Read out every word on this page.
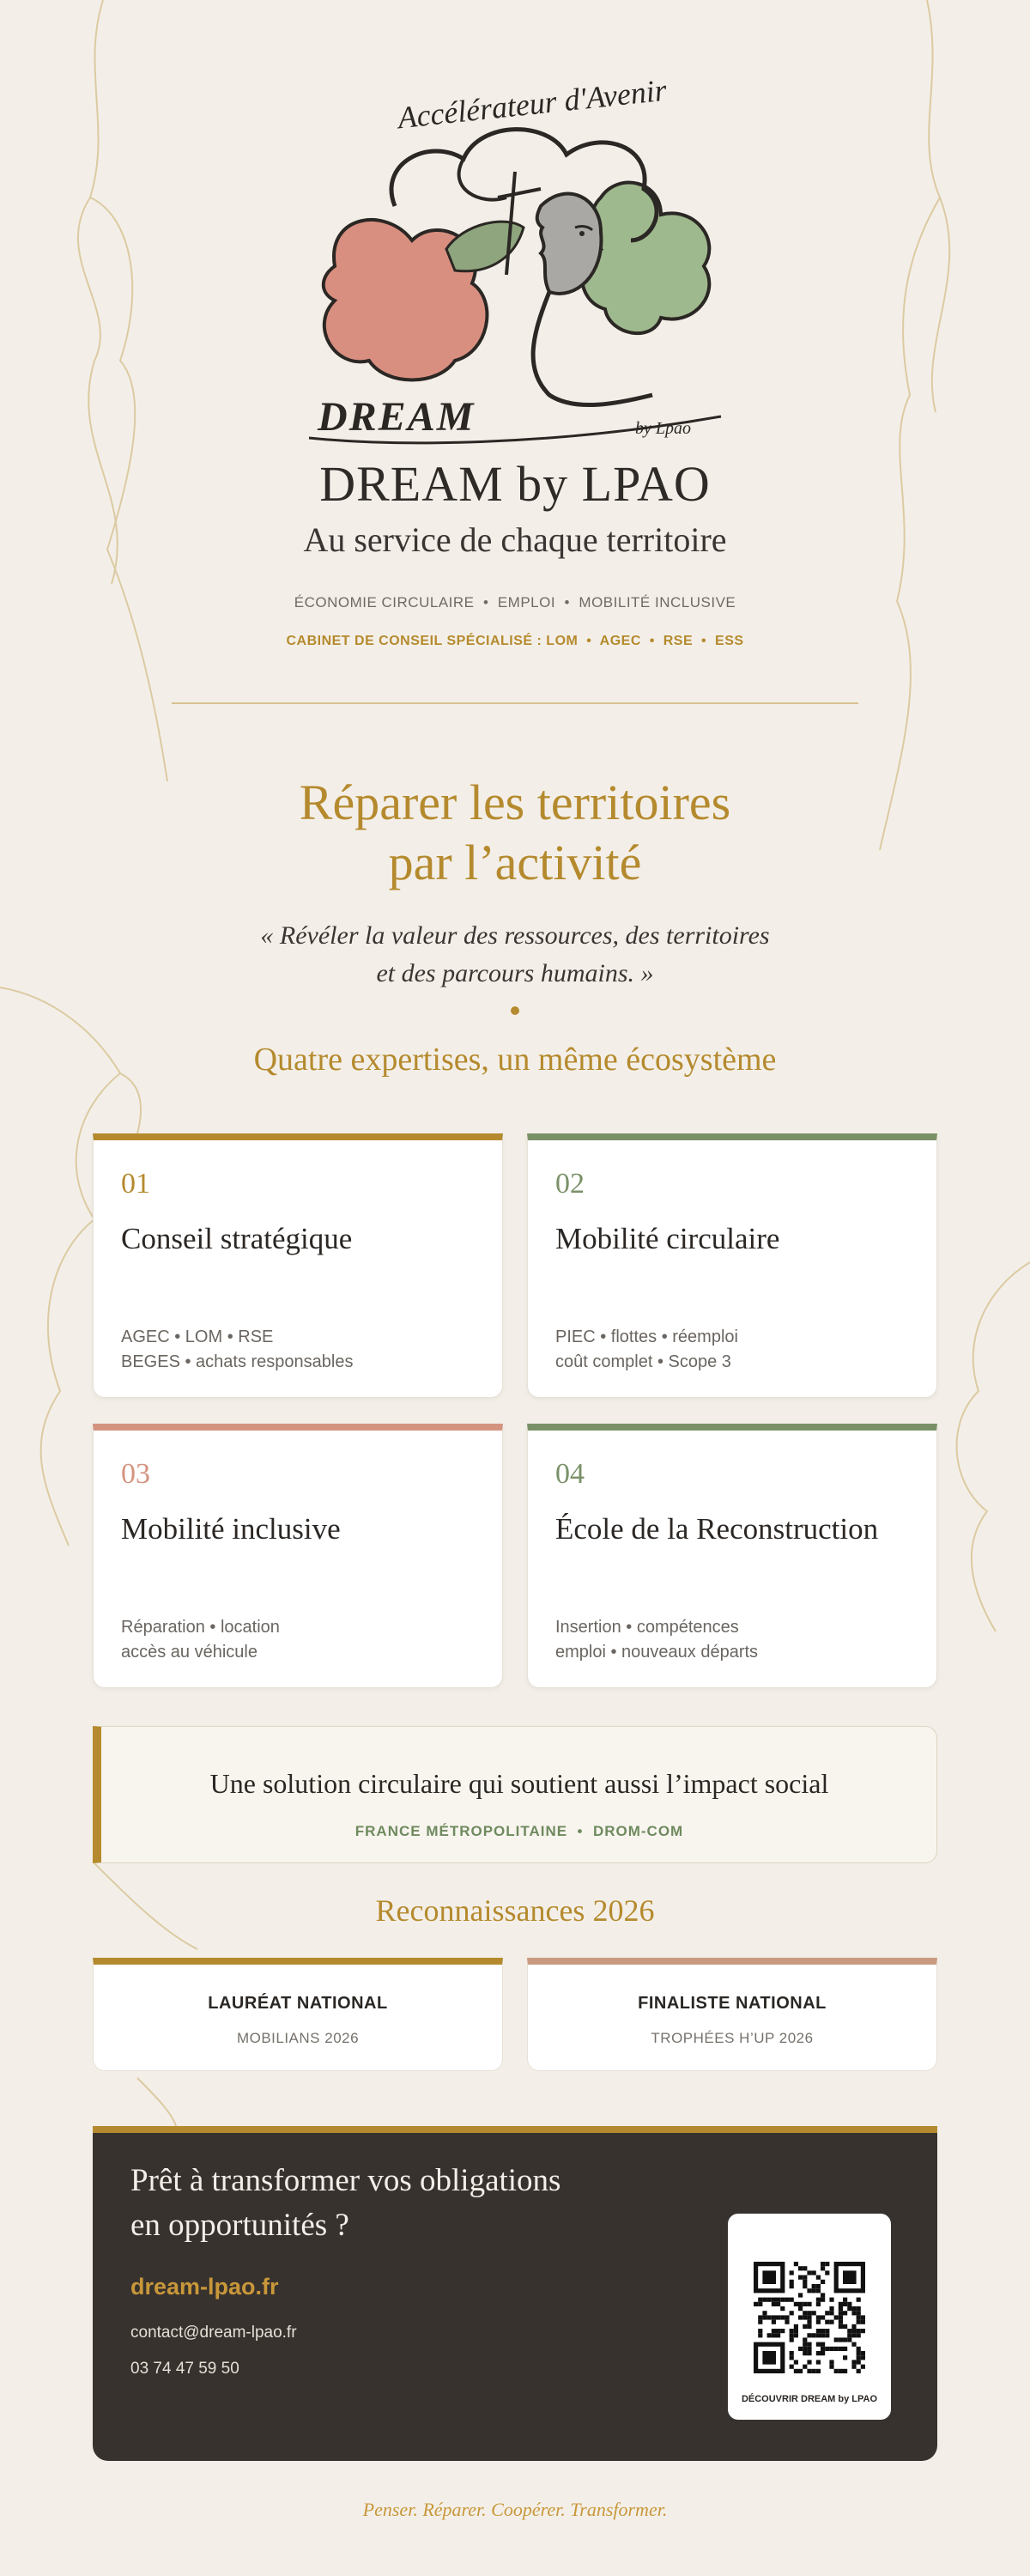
Accélérateur d'Avenir
DREAM	by Lpao
DREAM by LPAO
Au service de chaque territoire
ÉCONOMIE CIRCULAIRE  •  EMPLOI  •  MOBILITÉ INCLUSIVE
CABINET DE CONSEIL SPÉCIALISÉ : LOM  •  AGEC  •  RSE  •  ESS
Réparer les territoires
par l’activité
« Révéler la valeur des ressources, des territoires
et des parcours humains. »
Quatre expertises, un même écosystème
01
Conseil stratégique
AGEC • LOM • RSE
BEGES • achats responsables
02
Mobilité circulaire
PIEC • flottes • réemploi
coût complet • Scope 3
03
Mobilité inclusive
Réparation • location
accès au véhicule
04
École de la Reconstruction
Insertion • compétences
emploi • nouveaux départs
Une solution circulaire qui soutient aussi l’impact social
FRANCE MÉTROPOLITAINE  •  DROM-COM
Reconnaissances 2026
LAURÉAT NATIONAL
MOBILIANS 2026
FINALISTE NATIONAL
TROPHÉES H’UP 2026
Prêt à transformer vos obligations
en opportunités ?
dream-lpao.fr
contact@dream-lpao.fr
03 74 47 59 50
DÉCOUVRIR DREAM by LPAO
Penser. Réparer. Coopérer. Transformer.
